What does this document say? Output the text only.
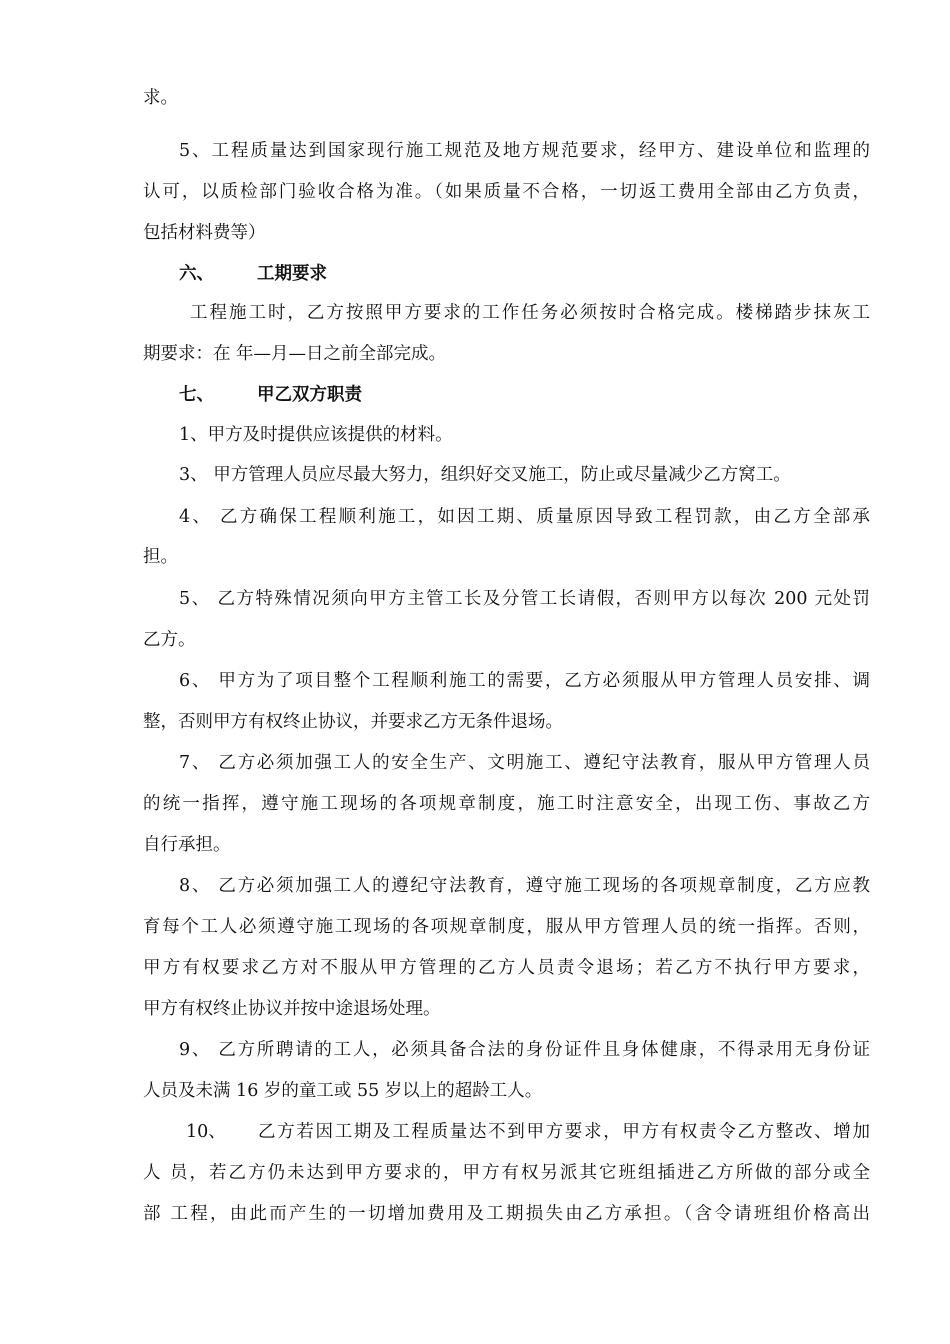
求。
5、工程质量达到国家现行施工规范及地方规范要求，经甲方、建设单位和监理的
认可，以质检部门验收合格为准。（如果质量不合格，一切返工费用全部由乙方负责，
包括材料费等）
六、 工期要求
工程施工时，乙方按照甲方要求的工作任务必须按时合格完成。楼梯踏步抹灰工
期要求：在 年—月—日之前全部完成。
七、 甲乙双方职责
1、甲方及时提供应该提供的材料。
3、 甲方管理人员应尽最大努力，组织好交叉施工，防止或尽量减少乙方窝工。
4、 乙方确保工程顺利施工，如因工期、质量原因导致工程罚款，由乙方全部承
担。
5、 乙方特殊情况须向甲方主管工长及分管工长请假，否则甲方以每次 200 元处罚
乙方。
6、 甲方为了项目整个工程顺利施工的需要，乙方必须服从甲方管理人员安排、调
整，否则甲方有权终止协议，并要求乙方无条件退场。
7、 乙方必须加强工人的安全生产、文明施工、遵纪守法教育，服从甲方管理人员
的统一指挥，遵守施工现场的各项规章制度，施工时注意安全，出现工伤、事故乙方
自行承担。
8、 乙方必须加强工人的遵纪守法教育，遵守施工现场的各项规章制度，乙方应教
育每个工人必须遵守施工现场的各项规章制度，服从甲方管理人员的统一指挥。否则，
甲方有权要求乙方对不服从甲方管理的乙方人员责令退场；若乙方不执行甲方要求，
甲方有权终止协议并按中途退场处理。
9、 乙方所聘请的工人，必须具备合法的身份证件且身体健康，不得录用无身份证
人员及未满 16 岁的童工或 55 岁以上的超龄工人。
10、 乙方若因工期及工程质量达不到甲方要求，甲方有权责令乙方整改、增加
人 员，若乙方仍未达到甲方要求的，甲方有权另派其它班组插进乙方所做的部分或全
部 工程，由此而产生的一切增加费用及工期损失由乙方承担。（含令请班组价格高出
